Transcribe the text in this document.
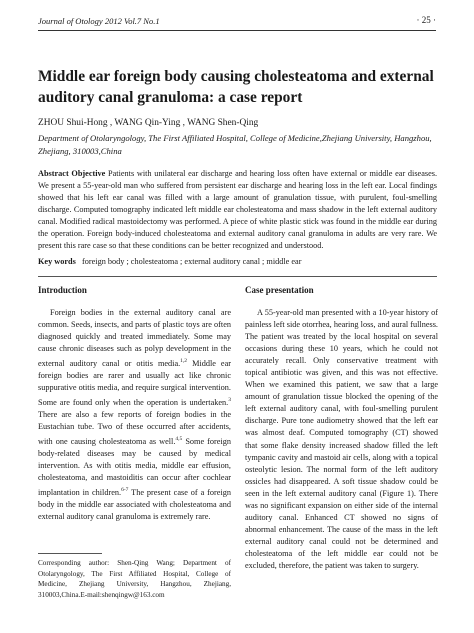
Journal of Otology 2012 Vol.7 No.1	· 25 ·
Middle ear foreign body causing cholesteatoma and external auditory canal granuloma: a case report
ZHOU Shui-Hong , WANG Qin-Ying , WANG Shen-Qing
Department of Otolaryngology, The First Affiliated Hospital, College of Medicine,Zhejiang University, Hangzhou, Zhejiang, 310003,China
Abstract Objective Patients with unilateral ear discharge and hearing loss often have external or middle ear diseases. We present a 55-year-old man who suffered from persistent ear discharge and hearing loss in the left ear. Local findings showed that his left ear canal was filled with a large amount of granulation tissue, with purulent, foul-smelling discharge. Computed tomography indicated left middle ear cholesteatoma and mass shadow in the left external auditory canal. Modified radical mastoidectomy was performed. A piece of white plastic stick was found in the middle ear during the operation. Foreign body-induced cholesteatoma and external auditory canal granuloma in adults are very rare. We present this rare case so that these conditions can be better recognized and understood.
Key words foreign body ; cholesteatoma ; external auditory canal ; middle ear
Introduction

Foreign bodies in the external auditory canal are common. Seeds, insects, and parts of plastic toys are often diagnosed quickly and treated immediately. Some may cause chronic diseases such as polyp development in the external auditory canal or otitis media.$^{1,2}$ Middle ear foreign bodies are rarer and usually act like chronic suppurative otitis media, and require surgical intervention. Some are found only when the operation is undertaken.$^3$ There are also a few reports of foreign bodies in the Eustachian tube. Two of these occurred after accidents, with one causing cholesteatoma as well.$^{4,5}$ Some foreign body-related diseases may be caused by medical intervention. As with otitis media, middle ear effusion, cholesteatoma, and mastoiditis can occur after cochlear implantation in children.$^{6-7}$ The present case of a foreign body in the middle ear associated with cholesteatoma and external auditory canal granuloma is extremely rare.

Case presentation

A 55-year-old man presented with a 10-year history of painless left side otorrhea, hearing loss, and aural fullness. The patient was treated by the local hospital on several occasions during these 10 years, which he could not accurately recall. Only conservative treatment with topical antibiotic was given, and this was not effective. When we examined this patient, we saw that a large amount of granulation tissue blocked the opening of the left external auditory canal, with foul-smelling purulent discharge. Pure tone audiometry showed that the left ear was almost deaf. Computed tomography (CT) showed that some flake density increased shadow filled the left tympanic cavity and mastoid air cells, along with a topical osteolytic lesion. The normal form of the left auditory ossicles had disappeared. A soft tissue shadow could be seen in the left external auditory canal (Figure 1). There was no significant expansion on either side of the internal auditory canal. Enhanced CT showed no signs of abnormal enhancement. The cause of the mass in the left external auditory canal could not be determined and cholesteatoma of the left middle ear could not be excluded, therefore, the patient was taken to surgery.

Corresponding author: Shen-Qing Wang; Department of Otolaryngology, The First Affiliated Hospital, College of Medicine, Zhejiang University, Hangzhou, Zhejiang, 310003,China.E-mail:shenqingw@163.com
